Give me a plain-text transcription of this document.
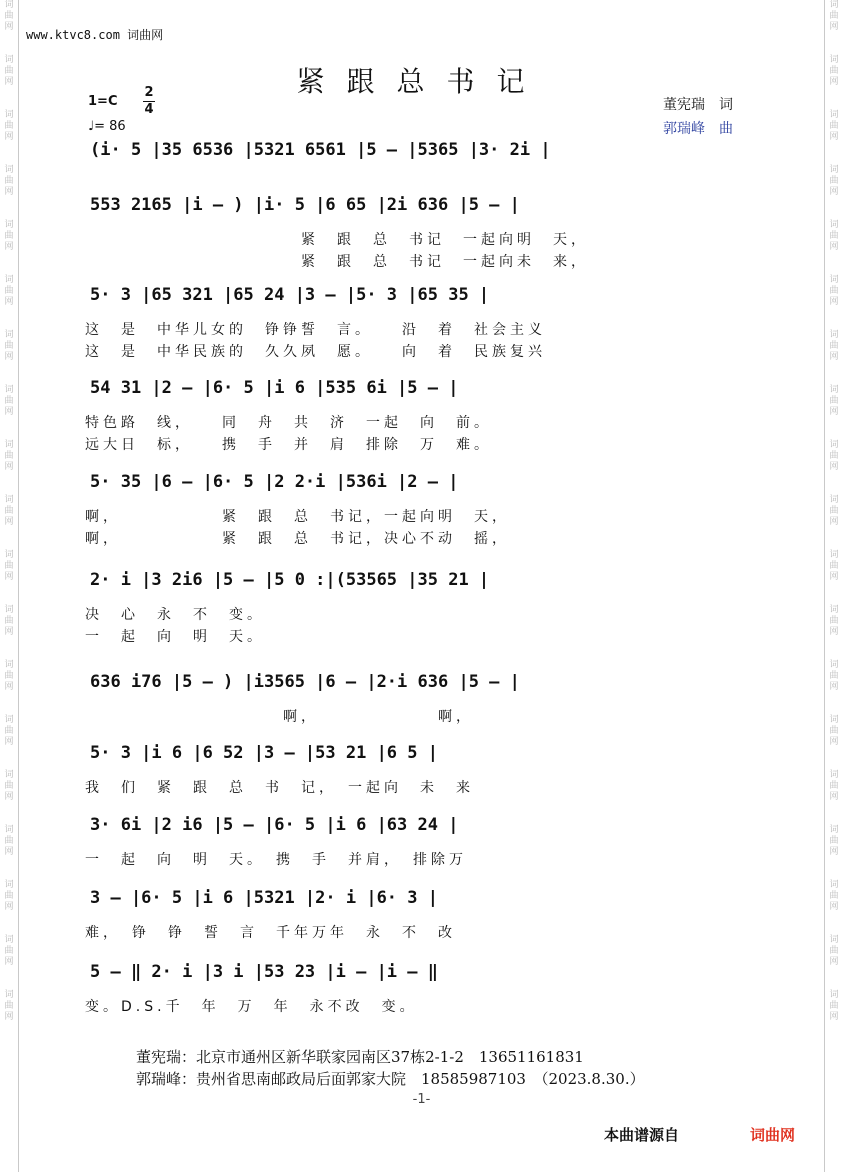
词
曲
网
词
曲
网
词
曲
网
词
曲
网
词
曲
网
词
曲
网
词
曲
网
词
曲
网
词
曲
网
词
曲
网
词
曲
网
词
曲
网
词
曲
网
词
曲
网
词
曲
网
词
曲
网
词
曲
网
词
曲
网
词
曲
网
词
曲
网
词
曲
网
词
曲
网
词
曲
网
词
曲
网
词
曲
网
词
曲
网
词
曲
网
词
曲
网
词
曲
网
词
曲
网
词
曲
网
词
曲
网
词
曲
网
词
曲
网
词
曲
网
词
曲
网
词
曲
网
词
曲
网
www.ktvc8.com 词曲网
紧跟总书记
1=C
2
4
♩= 86
董宪瑞　词
郭瑞峰　曲
(i· 5 |35 6536 |5321 6561 |5 – |5365 |3· 2i |
553 2165 |i – ) |i· 5 |6 65 |2i 636 |5 – |
　　　　　　　　　　　　紧　跟　总　书记　一起向明　天，
　　　　　　　　　　　　紧　跟　总　书记　一起向未　来，
5· 3 |65 321 |65 24 |3 – |5· 3 |65 35 |
这　是　中华儿女的　铮铮誓　言。　　沿　着　社会主义
这　是　中华民族的　久久夙　愿。　　向　着　民族复兴
54 31 |2 – |6· 5 |i 6 |535 6i |5 – |
特色路　线，　　同　舟　共　济　一起　向　前。
远大日　标，　　携　手　并　肩　排除　万　难。
5· 35 |6 – |6· 5 |2 2·i |536i |2 – |
啊，　　　　　　紧　跟　总　书记，一起向明　天，
啊，　　　　　　紧　跟　总　书记，决心不动　摇，
2· i |3 2i6 |5 – |5 0 :|(53565 |35 21 |
决　心　永　不　变。
一　起　向　明　天。
636 i76 |5 – ) |i3565 |6 – |2·i 636 |5 – |
　　　　　　　　　　　啊，　　　　　　　啊，
5· 3 |i 6 |6 52 |3 – |53 21 |6 5 |
我　们　紧　跟　总　书　记，　一起向　未　来
3· 6i |2 i6 |5 – |6· 5 |i 6 |63 24 |
一　起　向　明　天。　携　手　并肩，　排除万
3 – |6· 5 |i 6 |5321 |2· i |6· 3 |
难，　铮　铮　誓　言　千年万年　永　不　改
5 – ‖ 2· i |3 i |53 23 |i – |i – ‖
变。D.S.千　年　万　年　永不改　变。
董宪瑞：北京市通州区新华联家园南区37栋2-1-2　13651161831
郭瑞峰：贵州省思南邮政局后面郭家大院　18585987103　（2023.8.30.）
-1-
本曲谱源自	词曲网
